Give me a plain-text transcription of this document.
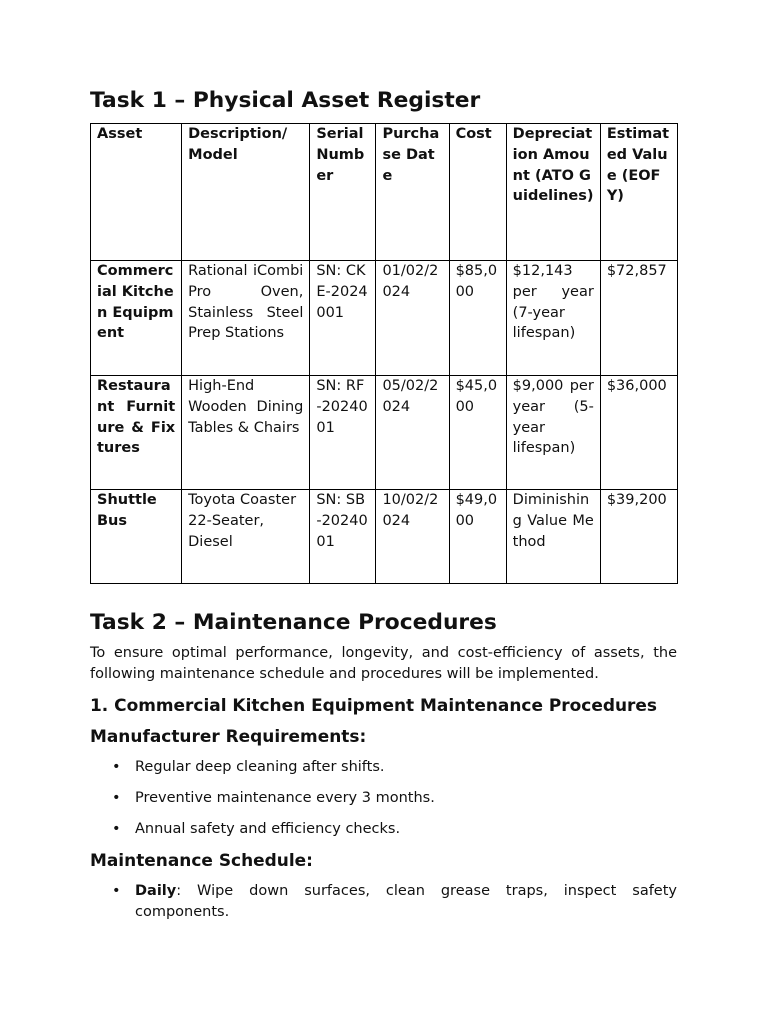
Task 1 – Physical Asset Register
Asset	Description/ Model	Serial Number	Purchase Date	Cost	Depreciation Amount (ATO Guidelines)	Estimated Value (EOFY)
Commercial Kitchen Equipment	Rational iCombi Pro Oven, Stainless Steel Prep Stations	SN: CKE-2024001	01/02/2024	$85,000	$12,143 per year (7-year lifespan)	$72,857
Restaurant Furniture & Fixtures	High-End Wooden Dining Tables & Chairs	SN: RF-2024001	05/02/2024	$45,000	$9,000 per year (5-year lifespan)	$36,000
Shuttle Bus	Toyota Coaster 22-Seater, Diesel	SN: SB-2024001	10/02/2024	$49,000	Diminishing Value Method	$39,200
Task 2 – Maintenance Procedures

To ensure optimal performance, longevity, and cost-efficiency of assets, the following maintenance schedule and procedures will be implemented.

1. Commercial Kitchen Equipment Maintenance Procedures
Manufacturer Requirements:
• Regular deep cleaning after shifts.
• Preventive maintenance every 3 months.
• Annual safety and efficiency checks.
Maintenance Schedule:
• Daily: Wipe down surfaces, clean grease traps, inspect safety components.
